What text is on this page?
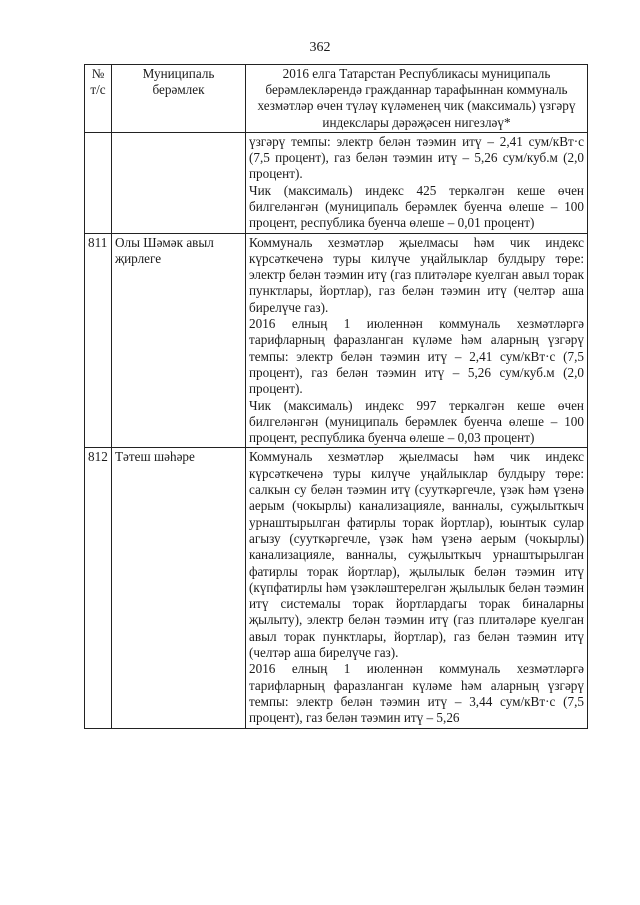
362
№ т/с	Муниципаль берәмлек	2016 елга Татарстан Республикасы муниципаль берәмлекләрендә гражданнар тарафыннан коммуналь хезмәтләр өчен түләү күләменең чик (максималь) үзгәрү индекслары дәрәҗәсен нигезләү*

		үзгәрү темпы: электр белән тәэмин итү – 2,41 сум/кВт·с (7,5 процент), газ белән тәэмин итү – 5,26 сум/куб.м (2,0 процент).

Чик (максималь) индекс 425 теркәлгән кеше өчен билгеләнгән (муниципаль берәмлек буенча өлеше – 100 процент, республика буенча өлеше – 0,01 процент)

811	Олы Шәмәк авыл җирлеге	Коммуналь хезмәтләр җыелмасы һәм чик индекс күрсәткеченә туры килүче уңайлыклар булдыру төре: электр белән тәэмин итү (газ плитәләре куелган авыл торак пунктлары, йортлар), газ белән тәэмин итү (челтәр аша бирелүче газ).

2016 елның 1 июленнән коммуналь хезмәтләргә тарифларның фаразланган күләме һәм аларның үзгәрү темпы: электр белән тәэмин итү – 2,41 сум/кВт·с (7,5 процент), газ белән тәэмин итү – 5,26 сум/куб.м (2,0 процент).

Чик (максималь) индекс 997 теркәлгән кеше өчен билгеләнгән (муниципаль берәмлек буенча өлеше – 100 процент, республика буенча өлеше – 0,03 процент)

812	Тәтеш шәһәре	Коммуналь хезмәтләр җыелмасы һәм чик индекс күрсәткеченә туры килүче уңайлыклар булдыру төре: салкын су белән тәэмин итү (сууткәргечле, үзәк һәм үзенә аерым (чокырлы) канализацияле, ванналы, суҗылыткыч урнаштырылган фатирлы торак йортлар), юынтык сулар агызу (сууткәргечле, үзәк һәм үзенә аерым (чокырлы) канализацияле, ванналы, суҗылыткыч урнаштырылган фатирлы торак йортлар), җылылык белән тәэмин итү (күпфатирлы һәм үзәкләштерелгән җылылык белән тәэмин итү системалы торак йортлардагы торак биналарны җылыту), электр белән тәэмин итү (газ плитәләре куелган авыл торак пунктлары, йортлар), газ белән тәэмин итү (челтәр аша бирелүче газ).

2016 елның 1 июленнән коммуналь хезмәтләргә тарифларның фаразланган күләме һәм аларның үзгәрү темпы: электр белән тәэмин итү – 3,44 сум/кВт·с (7,5 процент), газ белән тәэмин итү – 5,26
